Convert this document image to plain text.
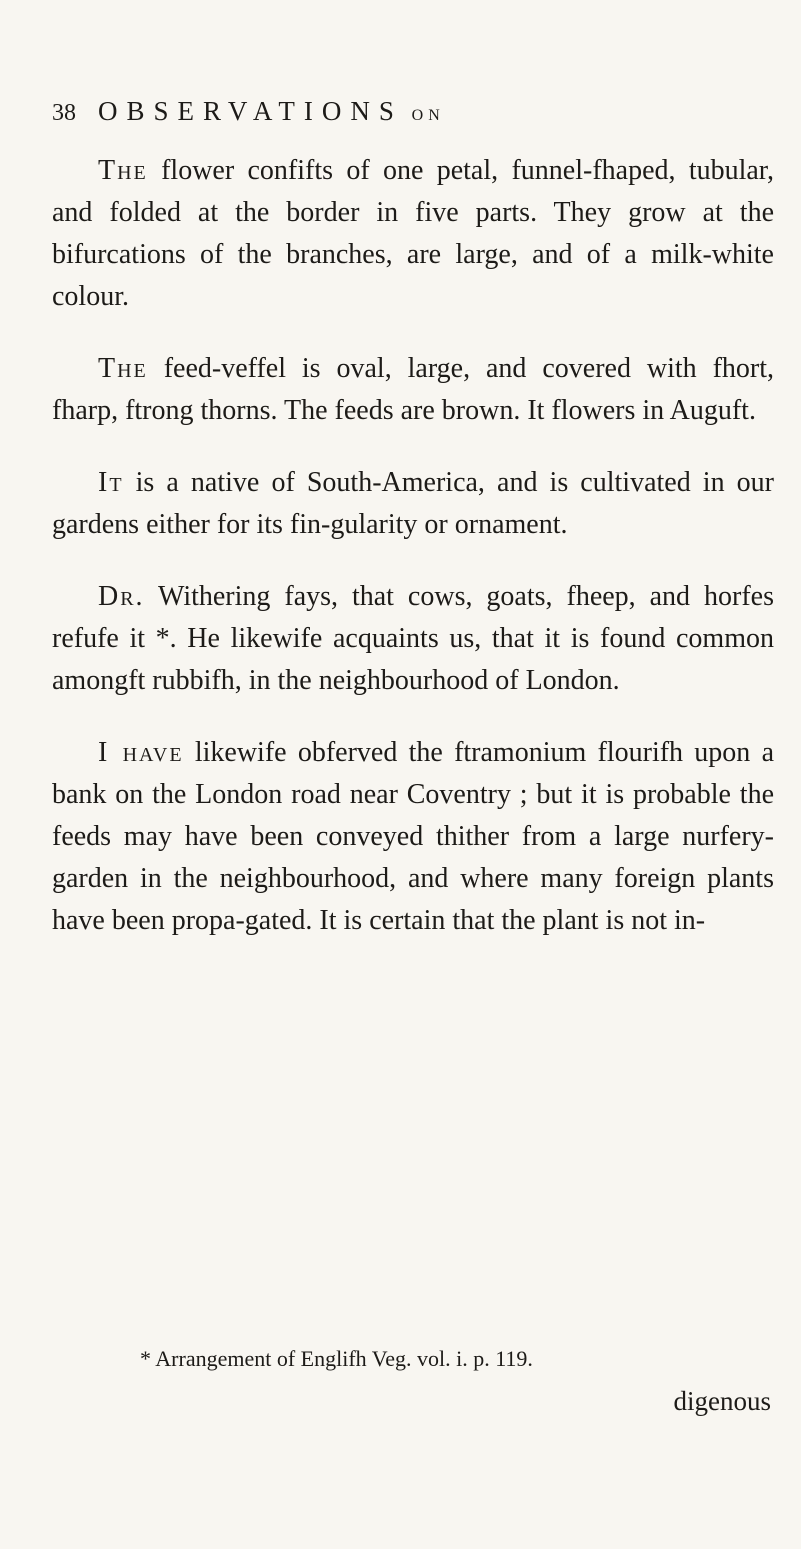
38 OBSERVATIONS ON

The flower confifts of one petal, funnel-fhaped, tubular, and folded at the border in five parts. They grow at the bifurcations of the branches, are large, and of a milk-white colour.

The feed-veffel is oval, large, and covered with fhort, fharp, ftrong thorns. The feeds are brown. It flowers in Auguft.

It is a native of South-America, and is cultivated in our gardens either for its fin-gularity or ornament.

Dr. Withering fays, that cows, goats, fheep, and horfes refufe it *. He likewife acquaints us, that it is found common amongft rubbifh, in the neighbourhood of London.

I have likewife obferved the ftramonium flourifh upon a bank on the London road near Coventry ; but it is probable the feeds may have been conveyed thither from a large nurfery-garden in the neighbourhood, and where many foreign plants have been propa-gated. It is certain that the plant is not in-

* Arrangement of Englifh Veg. vol. i. p. 119.
digenous
